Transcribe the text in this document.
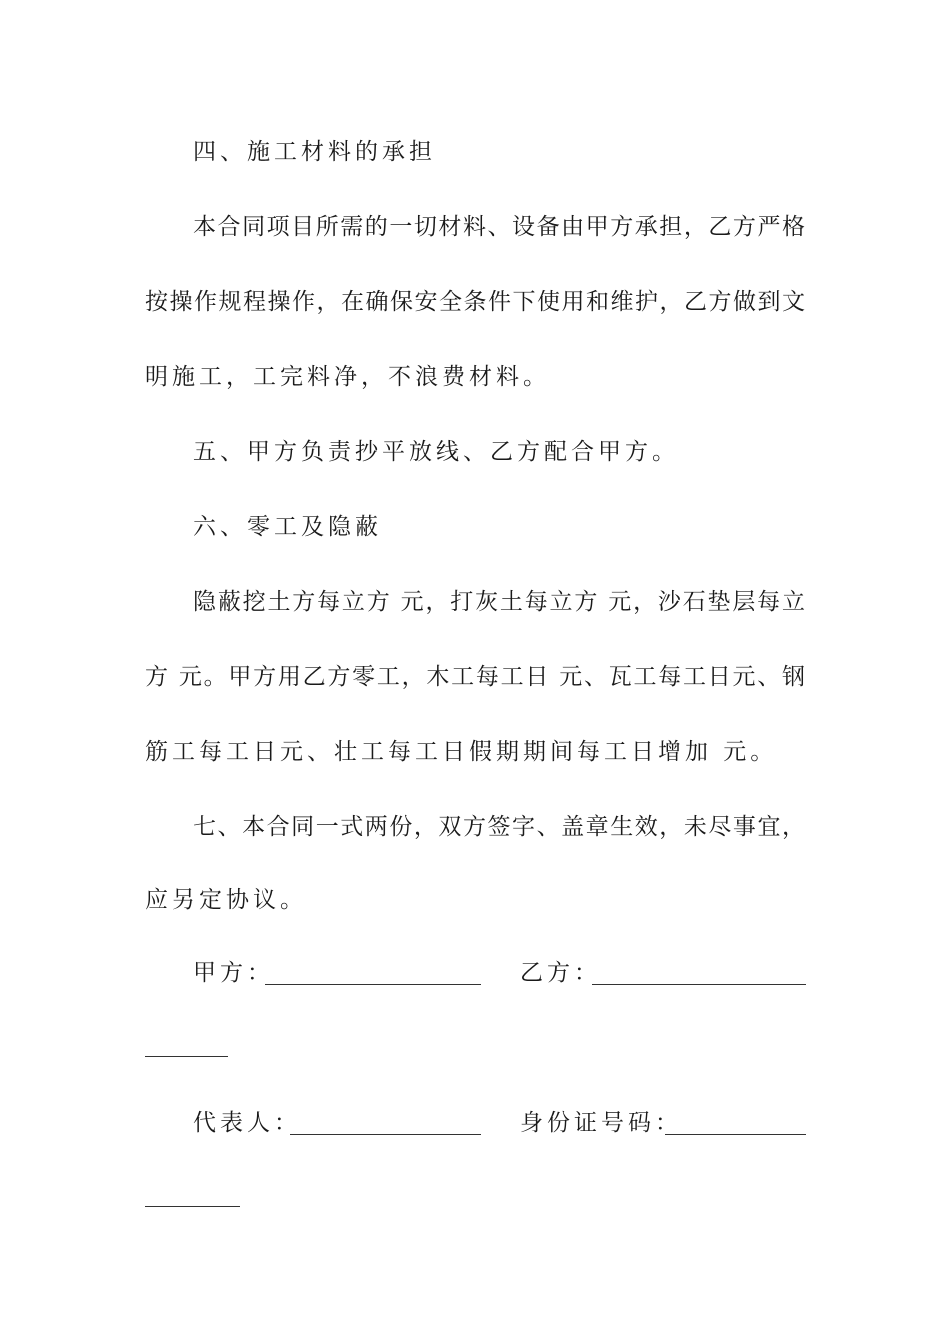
四、施工材料的承担
本合同项目所需的一切材料、设备由甲方承担，乙方严格
按操作规程操作，在确保安全条件下使用和维护，乙方做到文
明施工，工完料净，不浪费材料。
五、甲方负责抄平放线、乙方配合甲方。
六、零工及隐蔽
隐蔽挖土方每立方 元，打灰土每立方 元，沙石垫层每立
方 元。甲方用乙方零工，木工每工日 元、瓦工每工日元、钢
筋工每工日元、壮工每工日假期期间每工日增加 元。
七、本合同一式两份，双方签字、盖章生效，未尽事宜，
应另定协议。
甲方：	乙方：
代表人：	身份证号码：
